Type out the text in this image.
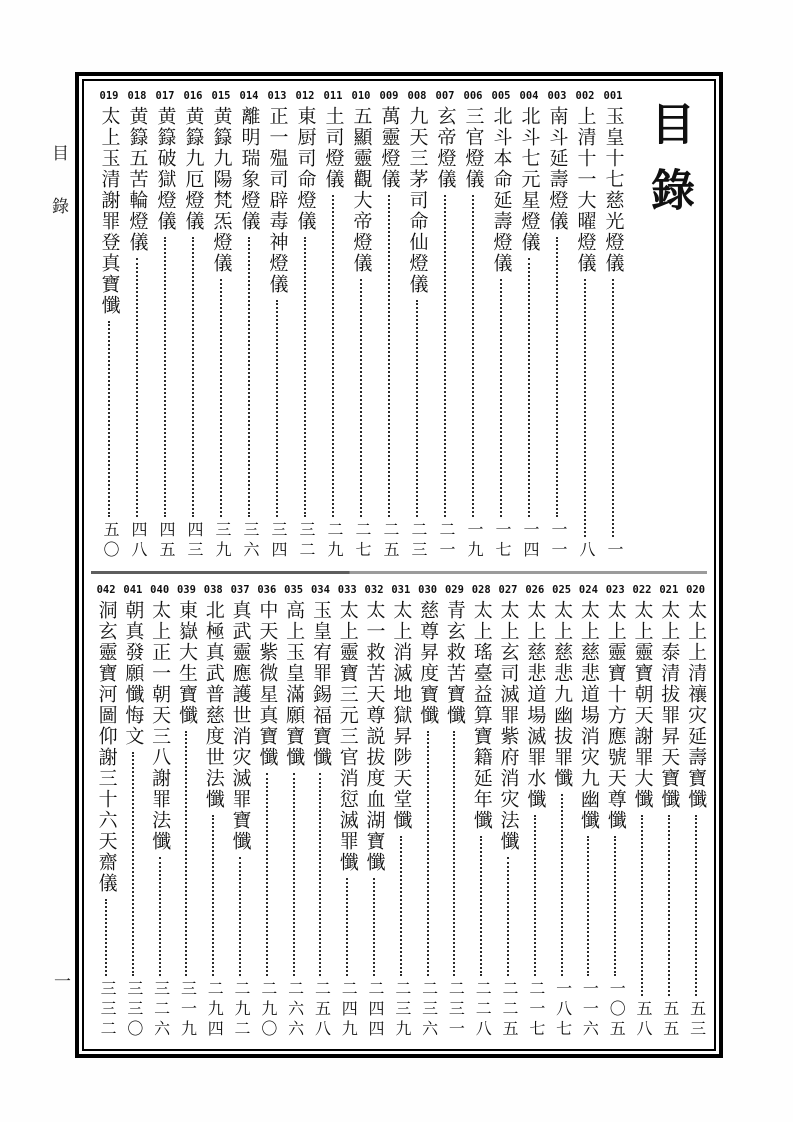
目錄
一
目錄
001
玉皇十七慈光燈儀
一
002
上清十一大曜燈儀
八
003
南斗延壽燈儀
一一
004
北斗七元星燈儀
一四
005
北斗本命延壽燈儀
一七
006
三官燈儀
一九
007
玄帝燈儀
二一
008
九天三茅司命仙燈儀
二三
009
萬靈燈儀
二五
010
五顯靈觀大帝燈儀
二七
011
土司燈儀
二九
012
東厨司命燈儀
三二
013
正一殟司辟毒神燈儀
三四
014
離明瑞象燈儀
三六
015
黄籙九陽梵炁燈儀
三九
016
黄籙九厄燈儀
四三
017
黄籙破獄燈儀
四五
018
黄籙五苦輪燈儀
四八
019
太上玉清謝罪登真寶懺
五〇
020
太上上清禳灾延壽寶懺
五三
021
太上泰清拔罪昇天寶懺
五五
022
太上靈寶朝天謝罪大懺
五八
023
太上靈寶十方應號天尊懺
一〇五
024
太上慈悲道場消灾九幽懺
一一六
025
太上慈悲九幽拔罪懺
一八七
026
太上慈悲道場滅罪水懺
二一七
027
太上玄司滅罪紫府消灾法懺
二二五
028
太上瑤臺益算寶籍延年懺
二二八
029
青玄救苦寶懺
二三一
030
慈尊昇度寶懺
二三六
031
太上消滅地獄昇陟天堂懺
二三九
032
太一救苦天尊説拔度血湖寶懺
二四四
033
太上靈寶三元三官消愆滅罪懺
二四九
034
玉皇宥罪錫福寶懺
二五八
035
高上玉皇滿願寶懺
二六六
036
中天紫微星真寶懺
二九〇
037
真武靈應護世消灾滅罪寶懺
二九二
038
北極真武普慈度世法懺
二九四
039
東嶽大生寶懺
三一九
040
太上正一朝天三八謝罪法懺
三二六
041
朝真發願懺悔文
三三〇
042
洞玄靈寶河圖仰謝三十六天齋儀
三三二
